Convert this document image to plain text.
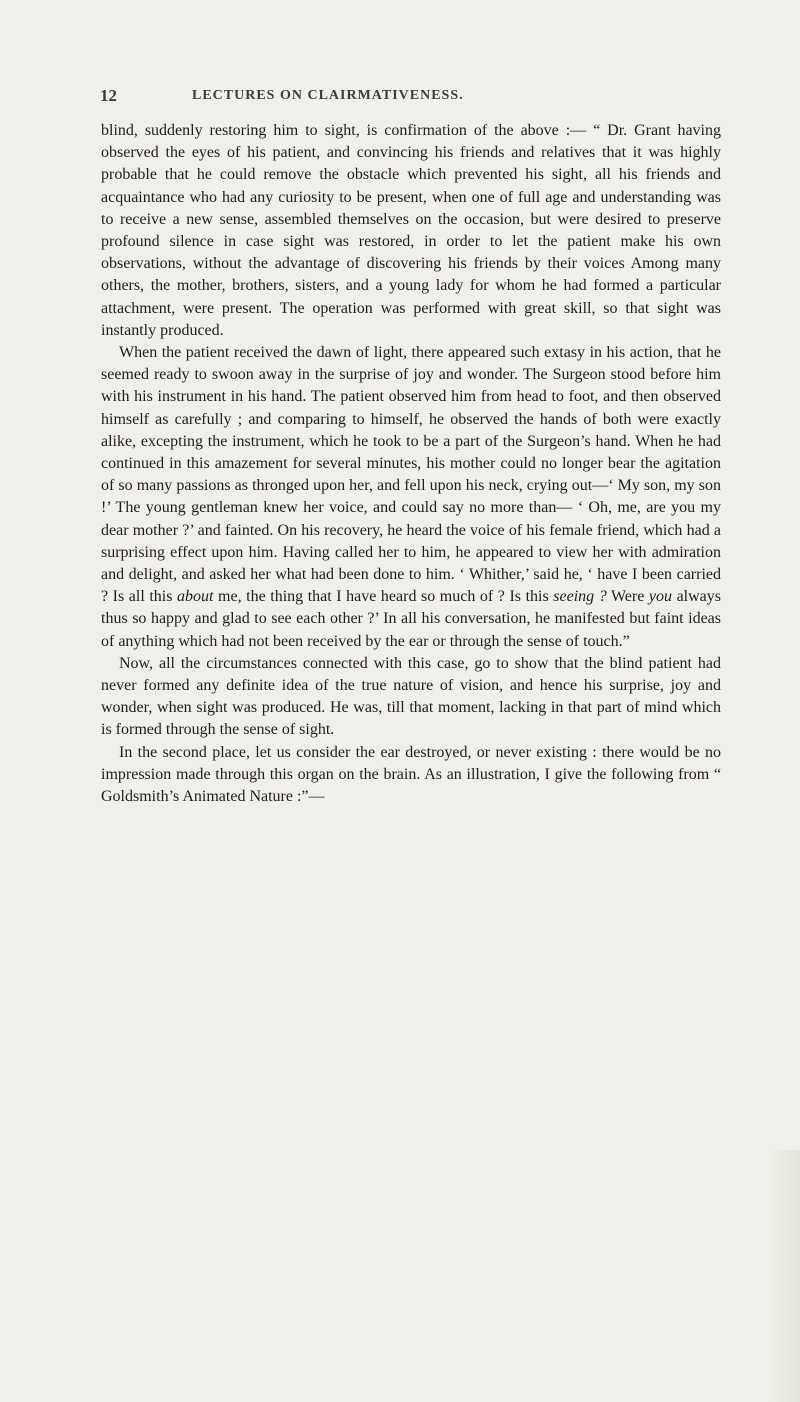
12	LECTURES ON CLAIRMATIVENESS.

blind, suddenly restoring him to sight, is confirmation of the above :— “ Dr. Grant having observed the eyes of his patient, and convincing his friends and relatives that it was highly probable that he could remove the obstacle which prevented his sight, all his friends and acquaintance who had any curiosity to be present, when one of full age and understanding was to receive a new sense, assembled themselves on the occasion, but were desired to preserve profound silence in case sight was restored, in order to let the patient make his own observations, without the advantage of discovering his friends by their voices Among many others, the mother, brothers, sisters, and a young lady for whom he had formed a particular attachment, were present. The operation was performed with great skill, so that sight was instantly produced.

When the patient received the dawn of light, there appeared such extasy in his action, that he seemed ready to swoon away in the surprise of joy and wonder. The Surgeon stood before him with his instrument in his hand. The patient observed him from head to foot, and then observed himself as carefully ; and comparing to himself, he observed the hands of both were exactly alike, excepting the instrument, which he took to be a part of the Surgeon’s hand. When he had continued in this amazement for several minutes, his mother could no longer bear the agitation of so many passions as thronged upon her, and fell upon his neck, crying out—‘ My son, my son !’ The young gentleman knew her voice, and could say no more than— ‘ Oh, me, are you my dear mother ?’ and fainted. On his recovery, he heard the voice of his female friend, which had a surprising effect upon him. Having called her to him, he appeared to view her with admiration and delight, and asked her what had been done to him. ‘ Whither,’ said he, ‘ have I been carried ? Is all this about me, the thing that I have heard so much of ? Is this seeing ? Were you always thus so happy and glad to see each other ?’ In all his conversation, he manifested but faint ideas of anything which had not been received by the ear or through the sense of touch.”

Now, all the circumstances connected with this case, go to show that the blind patient had never formed any definite idea of the true nature of vision, and hence his surprise, joy and wonder, when sight was produced. He was, till that moment, lacking in that part of mind which is formed through the sense of sight.

In the second place, let us consider the ear destroyed, or never existing : there would be no impression made through this organ on the brain. As an illustration, I give the following from “ Goldsmith’s Animated Nature :”—
